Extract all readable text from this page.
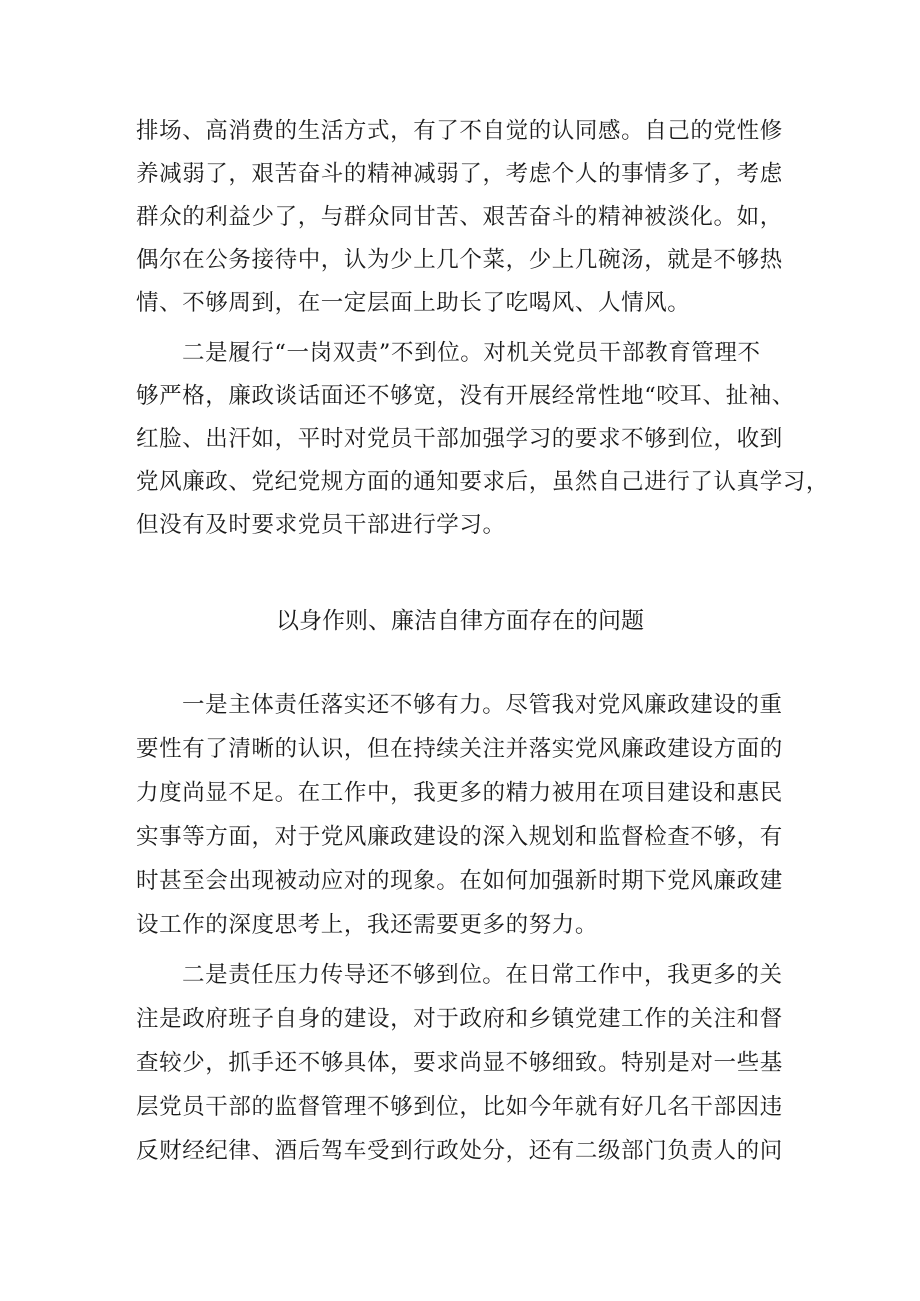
排场、高消费的生活方式，有了不自觉的认同感。自己的党性修
养减弱了，艰苦奋斗的精神减弱了，考虑个人的事情多了，考虑
群众的利益少了，与群众同甘苦、艰苦奋斗的精神被淡化。如，
偶尔在公务接待中，认为少上几个菜，少上几碗汤，就是不够热
情、不够周到，在一定层面上助长了吃喝风、人情风。
二是履行“一岗双责”不到位。对机关党员干部教育管理不
够严格，廉政谈话面还不够宽，没有开展经常性地“咬耳、扯袖、
红脸、出汗如，平时对党员干部加强学习的要求不够到位，收到
党风廉政、党纪党规方面的通知要求后，虽然自己进行了认真学习，
但没有及时要求党员干部进行学习。
以身作则、廉洁自律方面存在的问题
一是主体责任落实还不够有力。尽管我对党风廉政建设的重
要性有了清晰的认识，但在持续关注并落实党风廉政建设方面的
力度尚显不足。在工作中，我更多的精力被用在项目建设和惠民
实事等方面，对于党风廉政建设的深入规划和监督检查不够，有
时甚至会出现被动应对的现象。在如何加强新时期下党风廉政建
设工作的深度思考上，我还需要更多的努力。
二是责任压力传导还不够到位。在日常工作中，我更多的关
注是政府班子自身的建设，对于政府和乡镇党建工作的关注和督
查较少，抓手还不够具体，要求尚显不够细致。特别是对一些基
层党员干部的监督管理不够到位，比如今年就有好几名干部因违
反财经纪律、酒后驾车受到行政处分，还有二级部门负责人的问
